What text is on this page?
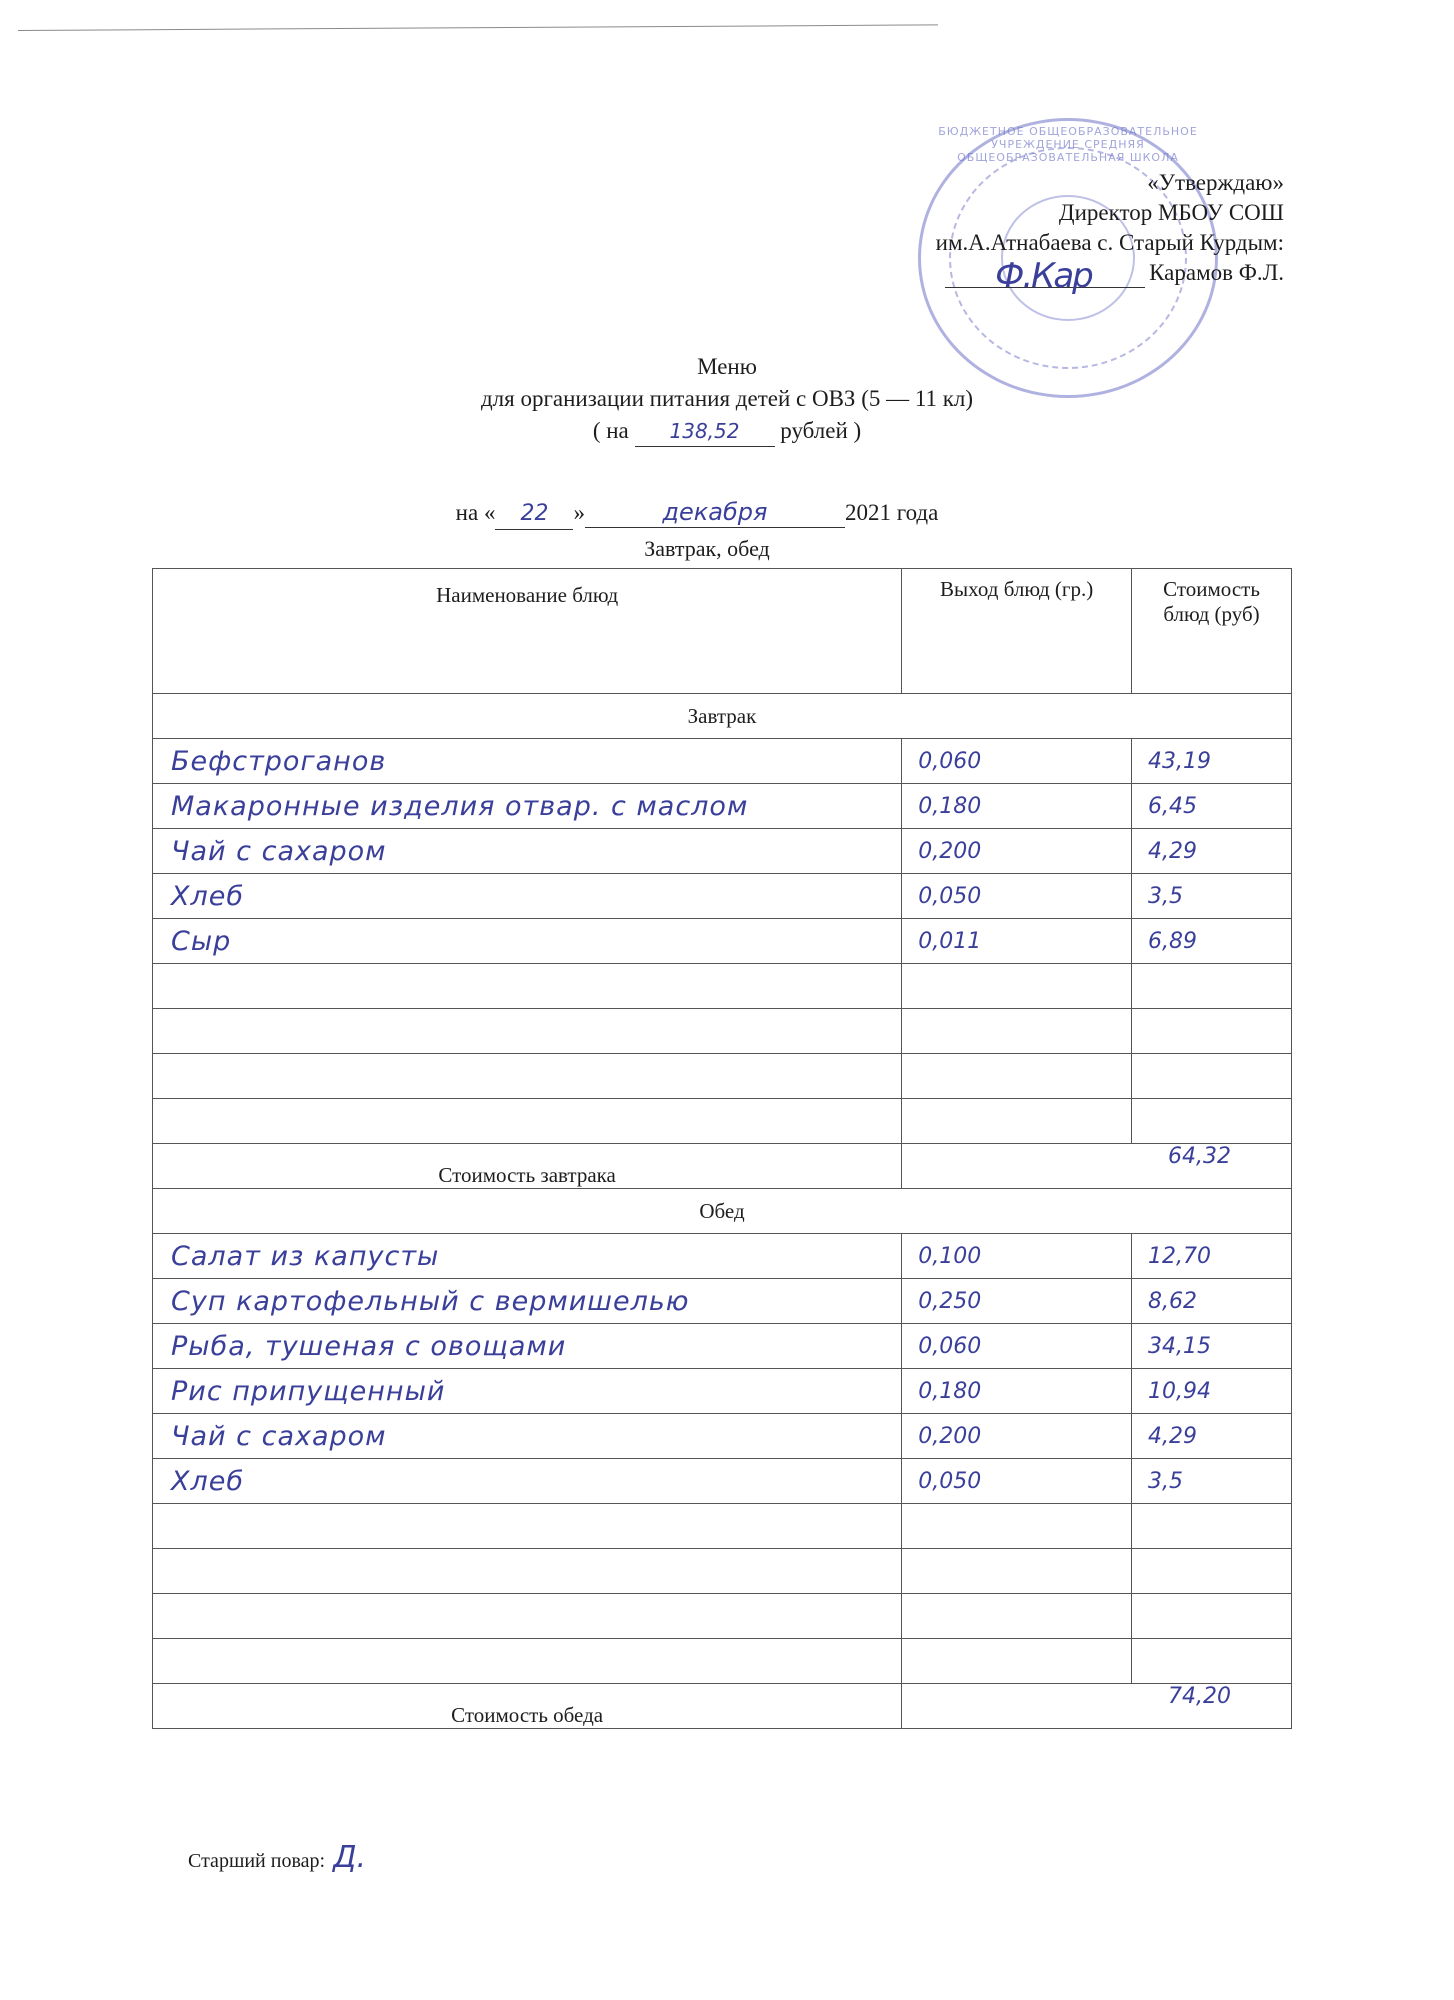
БЮДЖЕТНОЕ ОБЩЕОБРАЗОВАТЕЛЬНОЕ УЧРЕЖДЕНИЕ СРЕДНЯЯ ОБЩЕОБРАЗОВАТЕЛЬНАЯ ШКОЛА
«Утверждаю»
Директор МБОУ СОШ
им.А.Атнабаева с. Старый Курдым:
Ф.Кар Карамов Ф.Л.
Меню
для организации питания детей с ОВЗ (5 — 11 кл)
( на 138,52 рублей )
на « 22 »	декабря	2021 года
Завтрак, обед
Наименование блюд	Выход блюд (гр.)	Стоимость блюд (руб)
Завтрак		
Бефстроганов	0,060	43,19
Макаронные изделия отвар. с маслом	0,180	6,45
Чай с сахаром	0,200	4,29
Хлеб	0,050	3,5
Сыр	0,011	6,89

Стоимость завтрака	64,32	
Обед		
Салат из капусты	0,100	12,70
Суп картофельный с вермишелью	0,250	8,62
Рыба, тушеная с овощами	0,060	34,15
Рис припущенный	0,180	10,94
Чай с сахаром	0,200	4,29
Хлеб	0,050	3,5

Стоимость обеда	74,20	
Старший повар: Д.
